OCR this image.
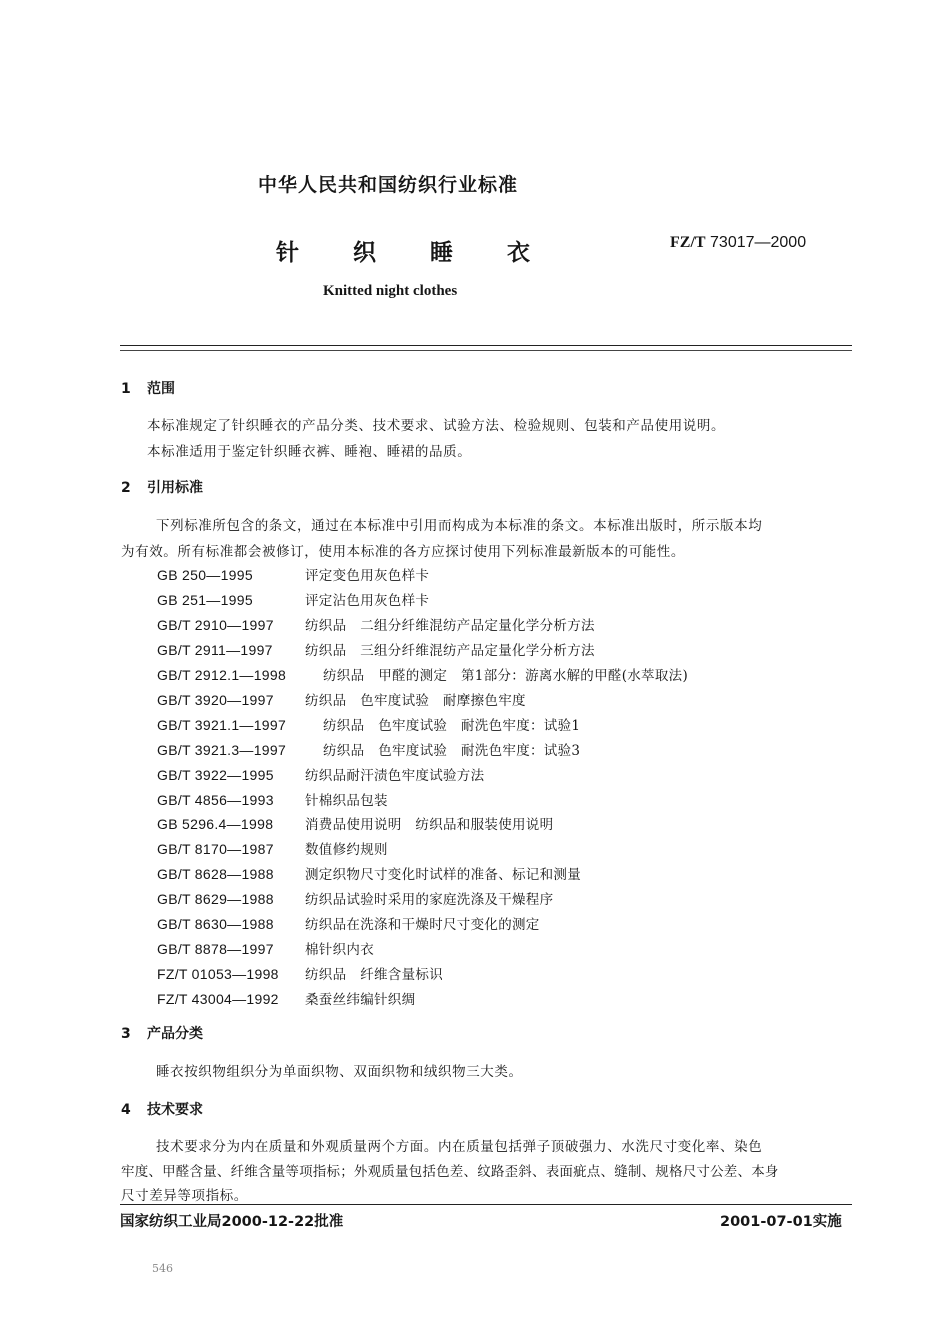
中华人民共和国纺织行业标准
针 织 睡 衣	FZ/T 73017—2000
Knitted night clothes
1 范围
本标准规定了针织睡衣的产品分类、技术要求、试验方法、检验规则、包装和产品使用说明。
本标准适用于鉴定针织睡衣裤、睡袍、睡裙的品质。
2 引用标准
下列标准所包含的条文，通过在本标准中引用而构成为本标准的条文。本标准出版时，所示版本均
为有效。所有标准都会被修订，使用本标准的各方应探讨使用下列标准最新版本的可能性。
GB 250—1995	评定变色用灰色样卡
GB 251—1995	评定沾色用灰色样卡
GB/T 2910—1997 纺织品　二组分纤维混纺产品定量化学分析方法
GB/T 2911—1997 纺织品　三组分纤维混纺产品定量化学分析方法
GB/T 2912.1—1998	纺织品　甲醛的测定　第1部分：游离水解的甲醛(水萃取法)
GB/T 3920—1997 纺织品　色牢度试验　耐摩擦色牢度
GB/T 3921.1—1997	纺织品　色牢度试验　耐洗色牢度：试验1
GB/T 3921.3—1997	纺织品　色牢度试验　耐洗色牢度：试验3
GB/T 3922—1995 纺织品耐汗渍色牢度试验方法
GB/T 4856—1993 针棉织品包装
GB 5296.4—1998 消费品使用说明　纺织品和服装使用说明
GB/T 8170—1987 数值修约规则
GB/T 8628—1988 测定织物尺寸变化时试样的准备、标记和测量
GB/T 8629—1988 纺织品试验时采用的家庭洗涤及干燥程序
GB/T 8630—1988 纺织品在洗涤和干燥时尺寸变化的测定
GB/T 8878—1997 棉针织内衣
FZ/T 01053—1998 纺织品　纤维含量标识
FZ/T 43004—1992 桑蚕丝纬编针织绸
3 产品分类
睡衣按织物组织分为单面织物、双面织物和绒织物三大类。
4 技术要求
技术要求分为内在质量和外观质量两个方面。内在质量包括弹子顶破强力、水洗尺寸变化率、染色
牢度、甲醛含量、纤维含量等项指标；外观质量包括色差、纹路歪斜、表面疵点、缝制、规格尺寸公差、本身
尺寸差异等项指标。
国家纺织工业局2000-12-22批准	2001-07-01实施
546
